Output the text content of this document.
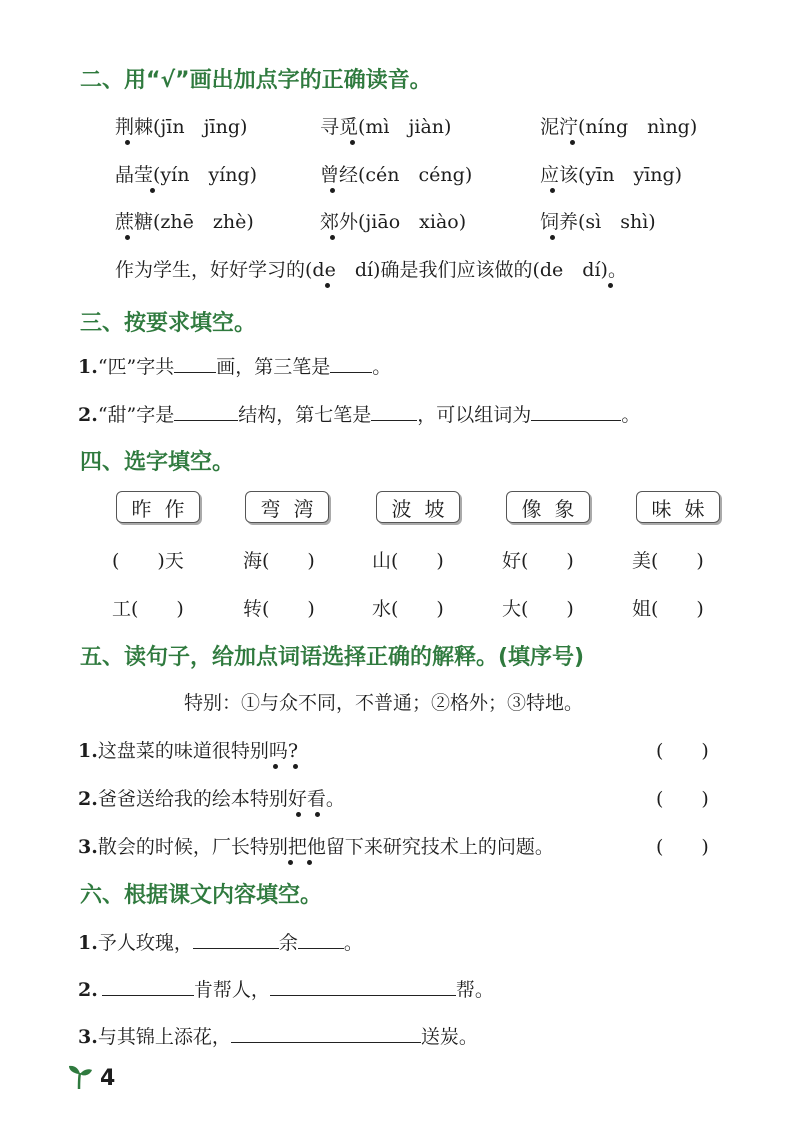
二、用“√”画出加点字的正确读音。
荆棘(jīn　jīng)	寻觅(mì　jiàn)	泥泞(níng　nìng)
晶莹(yín　yíng)	曾经(cén　céng)	应该(yīn　yīng)
蔗糖(zhē　zhè)	郊外(jiāo　xiào)	饲养(sì　shì)
作为学生，好好学习的(de　dí)确是我们应该做的(de　dí)。
三、按要求填空。
1.“匹”字共 画，第三笔是 。
2.“甜”字是	结构，第七笔是 ，可以组词为	。
四、选字填空。
昨 作	弯 湾	波 坡	像 象	味 妹
(　　)天	海(　　)	山(　　)	好(　　)	美(　　)
工(　　)	转(　　)	水(　　)	大(　　)	姐(　　)
五、读句子，给加点词语选择正确的解释。(填序号)
特别：①与众不同，不普通；②格外；③特地。
1.这盘菜的味道很特别吗?	(　　)
2.爸爸送给我的绘本特别好看。	(　　)
3.散会的时候，厂长特别把他留下来研究技术上的问题。	(　　)
六、根据课文内容填空。
1.予人玫瑰，	余 。
2.	肯帮人，	帮。
3.与其锦上添花，	送炭。
4
